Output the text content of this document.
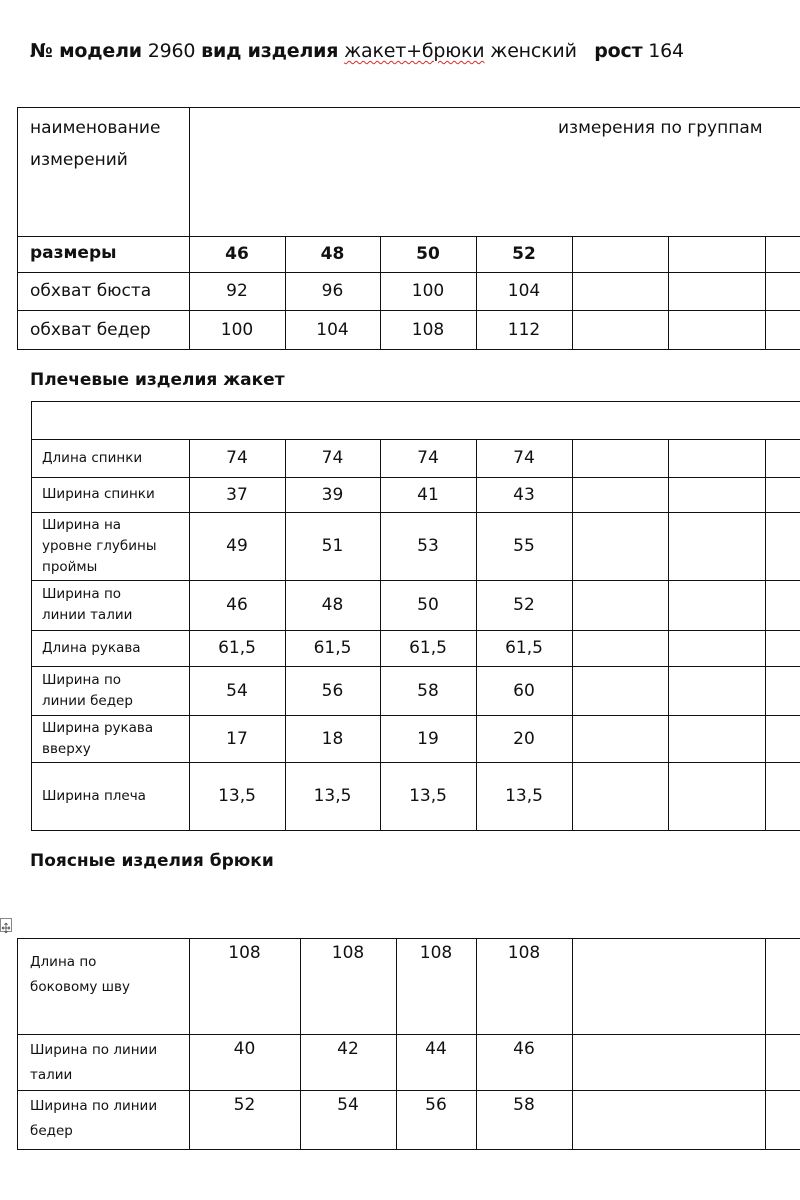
№ модели 2960 вид изделия жакет+брюки женский рост 164
наименование
измерений
измерения по группам
размеры	46	48	50	52
обхват бюста	92	96	100	104
обхват бедер	100	104	108	112
Плечевые изделия жакет
Длина спинки	74	74	74	74
Ширина спинки	37	39	41	43
Ширина на
уровне глубины
проймы
49	51	53	55
Ширина по
линии талии	46	48	50	52
Длина рукава	61,5	61,5	61,5	61,5
Ширина по
линии бедер	54	56	58	60
Ширина рукава
вверху	17	18	19	20
Ширина плеча	13,5	13,5	13,5	13,5
Поясные изделия брюки
Длина по
боковому шву
108	108	108	108
Ширина по линии
талии
40	42	44	46
Ширина по линии
бедер
52	54	56	58
